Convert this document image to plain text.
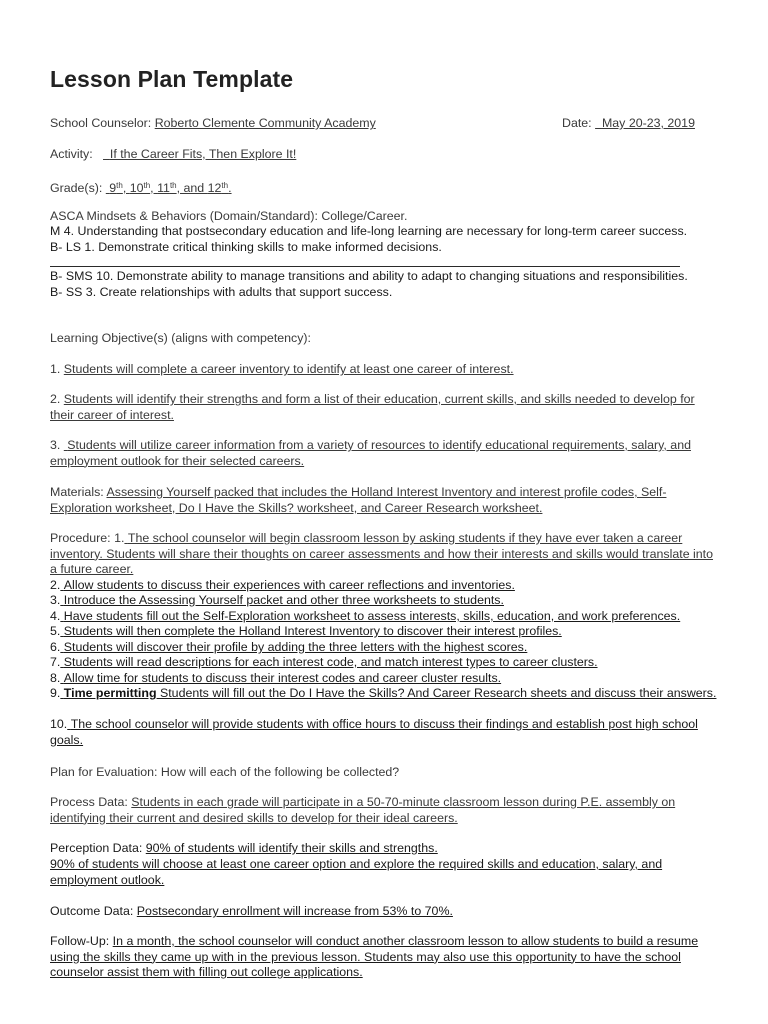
Lesson Plan Template
School Counselor: Roberto Clemente Community Academy	Date: May 20-23, 2019
Activity: If the Career Fits, Then Explore It!
Grade(s): 9th, 10th, 11th, and 12th.
ASCA Mindsets & Behaviors (Domain/Standard): College/Career.
M 4. Understanding that postsecondary education and life-long learning are necessary for long-term career success.
B- LS 1. Demonstrate critical thinking skills to make informed decisions.
B- SMS 10. Demonstrate ability to manage transitions and ability to adapt to changing situations and responsibilities.
B- SS 3. Create relationships with adults that support success.
Learning Objective(s) (aligns with competency):
1. Students will complete a career inventory to identify at least one career of interest.
2. Students will identify their strengths and form a list of their education, current skills, and skills needed to develop for their career of interest.
3. Students will utilize career information from a variety of resources to identify educational requirements, salary, and employment outlook for their selected careers.
Materials: Assessing Yourself packed that includes the Holland Interest Inventory and interest profile codes, Self-Exploration worksheet, Do I Have the Skills? worksheet, and Career Research worksheet.
Procedure: 1. The school counselor will begin classroom lesson by asking students if they have ever taken a career inventory. Students will share their thoughts on career assessments and how their interests and skills would translate into a future career.
2. Allow students to discuss their experiences with career reflections and inventories.
3. Introduce the Assessing Yourself packet and other three worksheets to students.
4. Have students fill out the Self-Exploration worksheet to assess interests, skills, education, and work preferences.
5. Students will then complete the Holland Interest Inventory to discover their interest profiles.
6. Students will discover their profile by adding the three letters with the highest scores.
7. Students will read descriptions for each interest code, and match interest types to career clusters.
8. Allow time for students to discuss their interest codes and career cluster results.
9. Time permitting Students will fill out the Do I Have the Skills? And Career Research sheets and discuss their answers.
10. The school counselor will provide students with office hours to discuss their findings and establish post high school goals.
Plan for Evaluation: How will each of the following be collected?
Process Data: Students in each grade will participate in a 50-70-minute classroom lesson during P.E. assembly on identifying their current and desired skills to develop for their ideal careers.
Perception Data: 90% of students will identify their skills and strengths.
90% of students will choose at least one career option and explore the required skills and education, salary, and employment outlook.
Outcome Data: Postsecondary enrollment will increase from 53% to 70%.
Follow-Up: In a month, the school counselor will conduct another classroom lesson to allow students to build a resume using the skills they came up with in the previous lesson. Students may also use this opportunity to have the school counselor assist them with filling out college applications.
